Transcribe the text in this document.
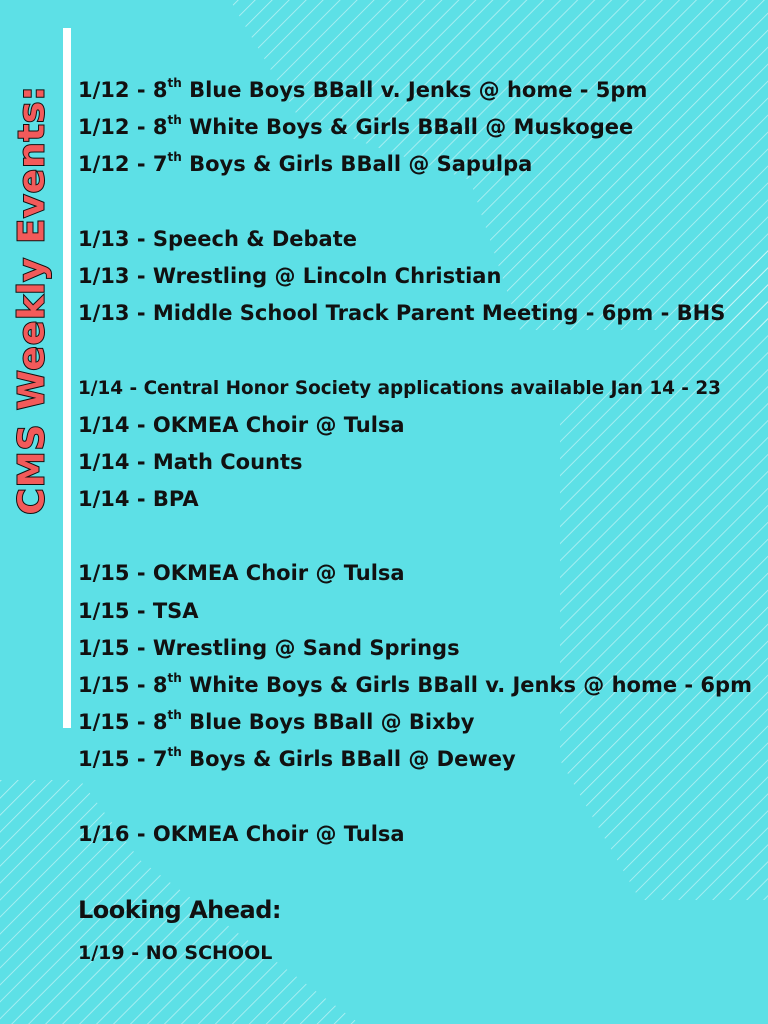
CMS Weekly Events: 1/12 - 8th Blue Boys BBall v. Jenks @ home - 5pm
1/12 - 8th White Boys & Girls BBall @ Muskogee
1/12 - 7th Boys & Girls BBall @ Sapulpa
1/13 - Speech & Debate
1/13 - Wrestling @ Lincoln Christian
1/13 - Middle School Track Parent Meeting - 6pm - BHS
1/14 - Central Honor Society applications available Jan 14 - 23
1/14 - OKMEA Choir @ Tulsa
1/14 - Math Counts
1/14 - BPA
1/15 - OKMEA Choir @ Tulsa
1/15 - TSA
1/15 - Wrestling @ Sand Springs
1/15 - 8th White Boys & Girls BBall v. Jenks @ home - 6pm
1/15 - 8th Blue Boys BBall @ Bixby
1/15 - 7th Boys & Girls BBall @ Dewey
1/16 - OKMEA Choir @ Tulsa
Looking Ahead:
1/19 - NO SCHOOL
